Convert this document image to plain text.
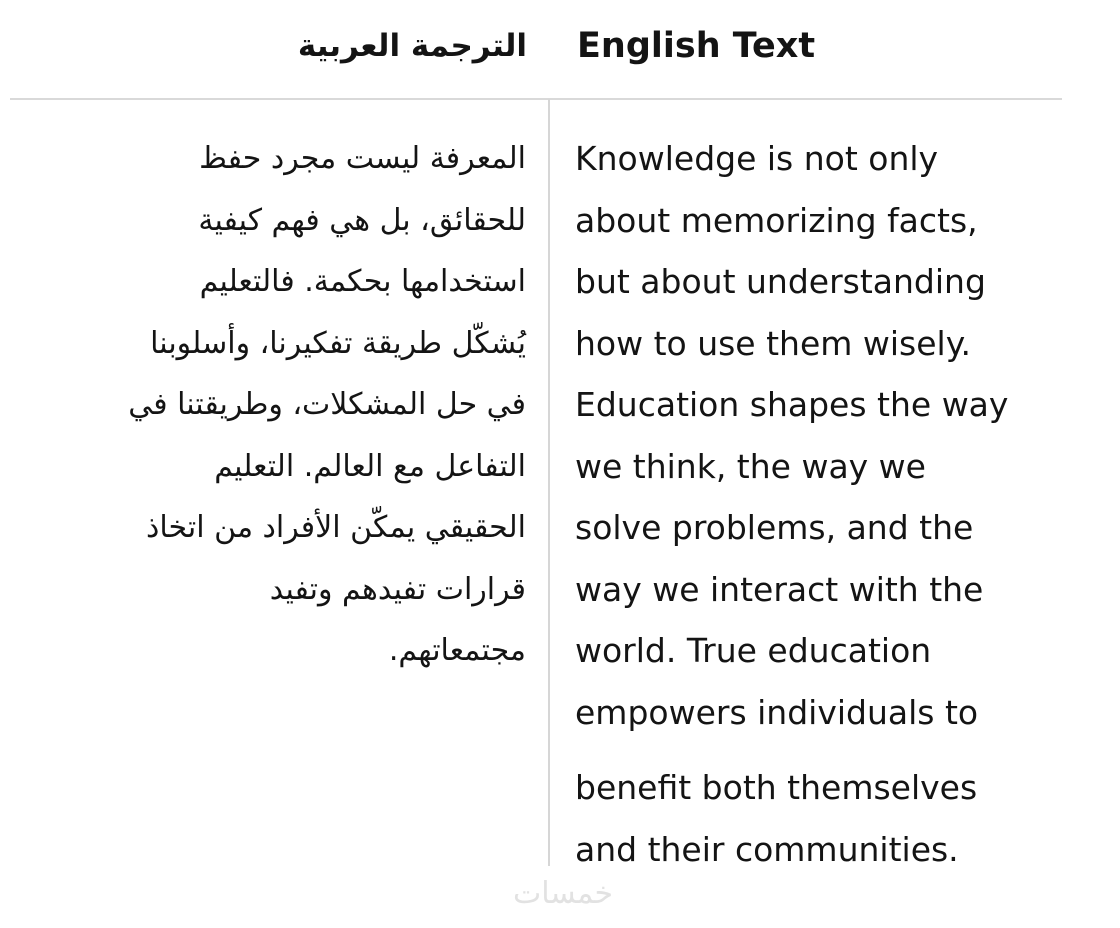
الترجمة العربية English Text
المعرفة ليست مجرد حفظ
للحقائق، بل هي فهم كيفية
استخدامها بحكمة. فالتعليم
يُشكّل طريقة تفكيرنا، وأسلوبنا
في حل المشكلات، وطريقتنا في
التفاعل مع العالم. التعليم
الحقيقي يمكّن الأفراد من اتخاذ
قرارات تفيدهم وتفيد
مجتمعاتهم.
Knowledge is not only
about memorizing facts,
but about understanding
how to use them wisely.
Education shapes the way
we think, the way we
solve problems, and the
way we interact with the
world. True education
empowers individuals to
benefit both themselves
and their communities.
خمسات
